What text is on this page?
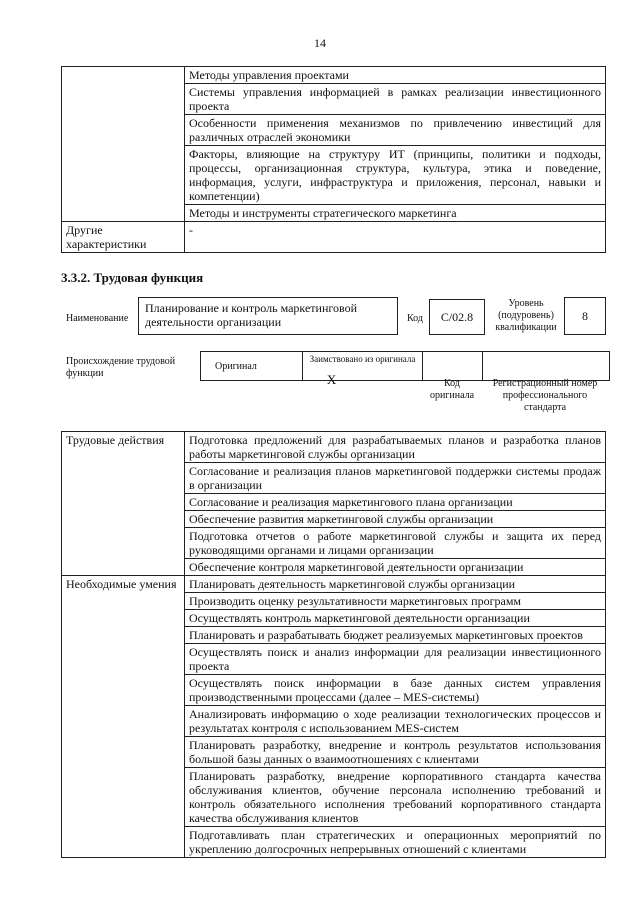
14
	Методы управления проектами
	Системы управления информацией в рамках реализации инвестиционного проекта
	Особенности применения механизмов по привлечению инвестиций для различных отраслей экономики
	Факторы, влияющие на структуру ИТ (принципы, политики и подходы, процессы, организационная структура, культура, этика и поведение, информация, услуги, инфраструктура и приложения, персонал, навыки и компетенции)
	Методы и инструменты стратегического маркетинга
Другие характеристики	-
3.3.2. Трудовая функция
Наименование
Планирование и контроль маркетинговой деятельности организации	Код	C/02.8
Уровень (подуровень) квалификации
8
Происхождение трудовой функции
Оригинал
X
Заимствовано из оригинала
Код оригинала
Регистрационный номер профессионального стандарта
Трудовые действия	Подготовка предложений для разрабатываемых планов и разработка планов работы маркетинговой службы организации
	Согласование и реализация планов маркетинговой поддержки системы продаж в организации
	Согласование и реализация маркетингового плана организации
	Обеспечение развития маркетинговой службы организации
	Подготовка отчетов о работе маркетинговой службы и защита их перед руководящими органами и лицами организации
	Обеспечение контроля маркетинговой деятельности организации
Необходимые умения	Планировать деятельность маркетинговой службы организации
	Производить оценку результативности маркетинговых программ
	Осуществлять контроль маркетинговой деятельности организации
	Планировать и разрабатывать бюджет реализуемых маркетинговых проектов
	Осуществлять поиск и анализ информации для реализации инвестиционного проекта
	Осуществлять поиск информации в базе данных систем управления производственными процессами (далее – MES-системы)
	Анализировать информацию о ходе реализации технологических процессов и результатах контроля с использованием MES-систем
	Планировать разработку, внедрение и контроль результатов использования большой базы данных о взаимоотношениях с клиентами
	Планировать разработку, внедрение корпоративного стандарта качества обслуживания клиентов, обучение персонала исполнению требований и контроль обязательного исполнения требований корпоративного стандарта качества обслуживания клиентов
	Подготавливать план стратегических и операционных мероприятий по укреплению долгосрочных непрерывных отношений с клиентами
